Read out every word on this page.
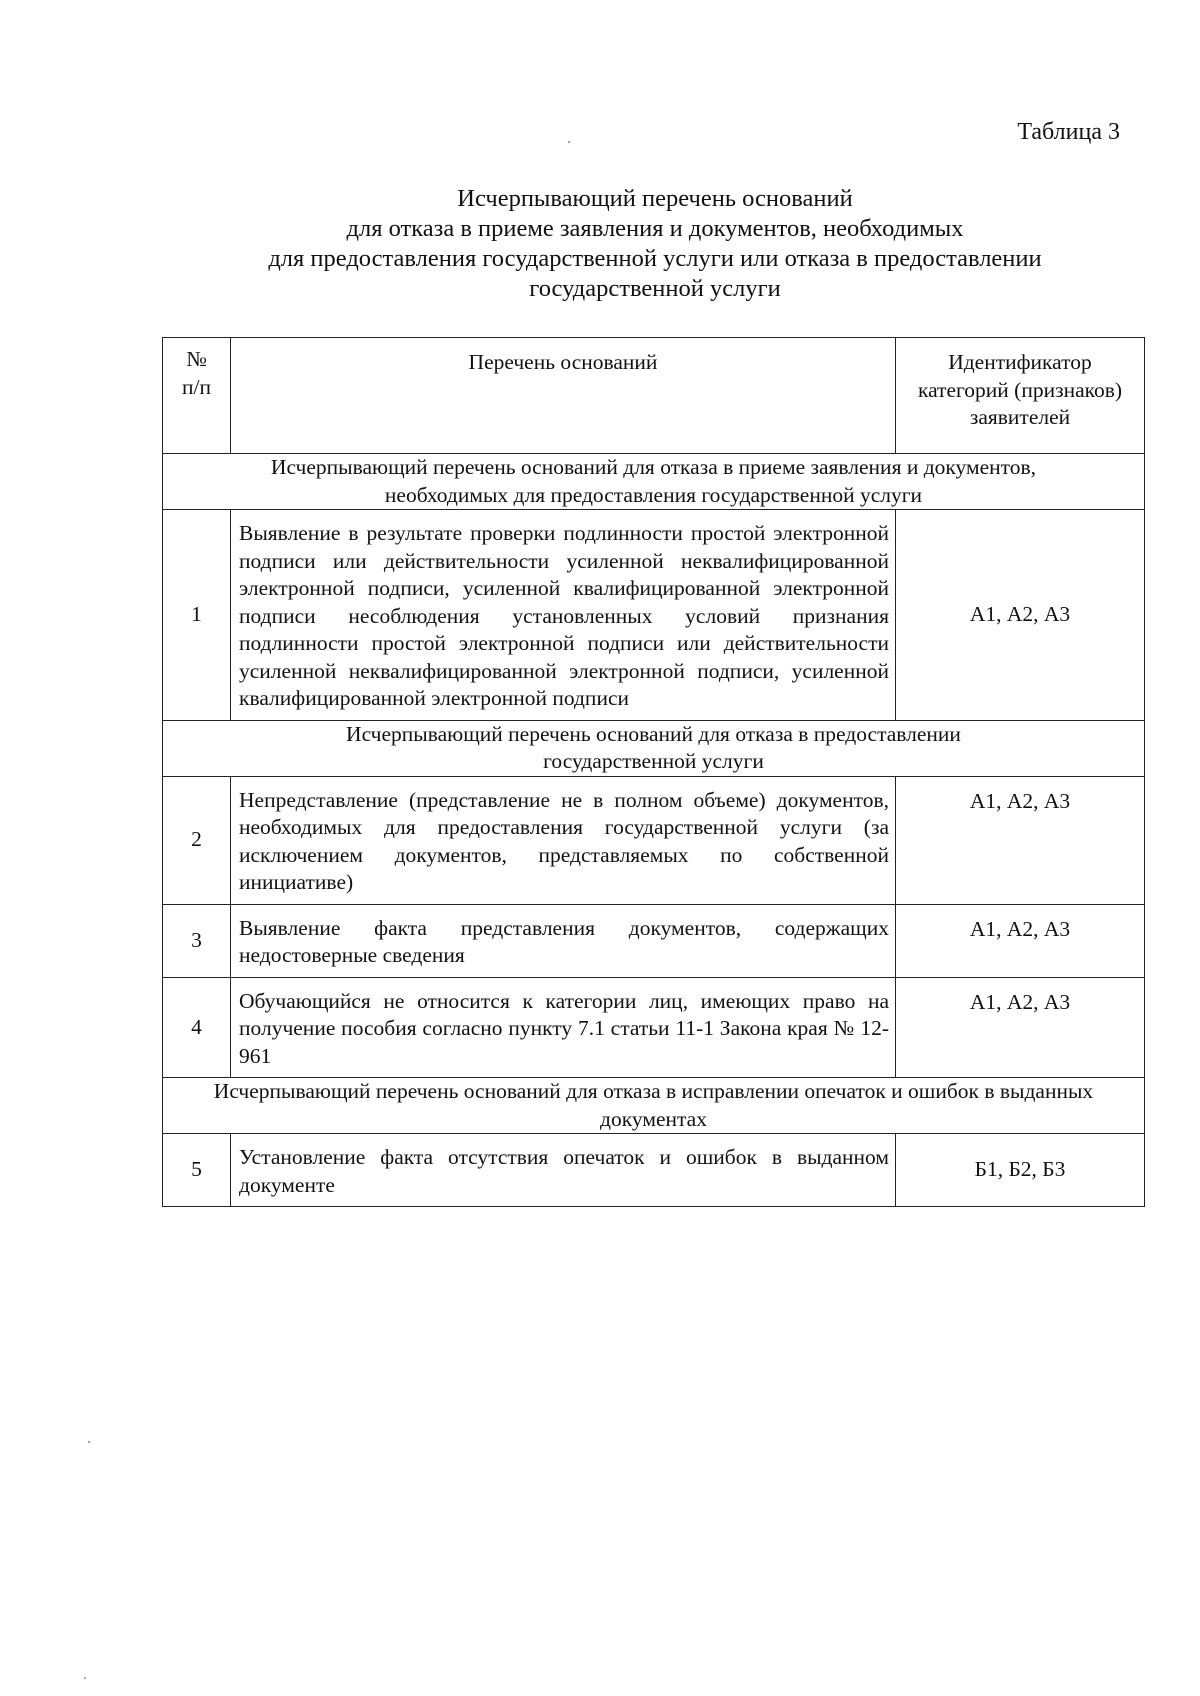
Таблица 3
Исчерпывающий перечень оснований
для отказа в приеме заявления и документов, необходимых
для предоставления государственной услуги или отказа в предоставлении
государственной услуги
№ п/п	Перечень оснований	Идентификатор категорий (признаков) заявителей

Исчерпывающий перечень оснований для отказа в приеме заявления и документов, необходимых для предоставления государственной услуги		

1	Выявление в результате проверки подлинности простой электронной подписи или действительности усиленной неквалифицированной электронной подписи, усиленной квалифицированной электронной подписи несоблюдения установленных условий признания подлинности простой электронной подписи или действительности усиленной неквалифицированной электронной подписи, усиленной квалифицированной электронной подписи	А1, А2, А3

Исчерпывающий перечень оснований для отказа в предоставлении государственной услуги		

2	Непредставление (представление не в полном объеме) документов, необходимых для предоставления государственной услуги (за исключением документов, представляемых по собственной инициативе)	А1, А2, А3
3	Выявление факта представления документов, содержащих недостоверные сведения	А1, А2, А3
4	Обучающийся не относится к категории лиц, имеющих право на получение пособия согласно пункту 7.1 статьи 11-1 Закона края № 12-961	А1, А2, А3

Исчерпывающий перечень оснований для отказа в исправлении опечаток и ошибок в выданных документах		

5	Установление факта отсутствия опечаток и ошибок в выданном документе	Б1, Б2, Б3
